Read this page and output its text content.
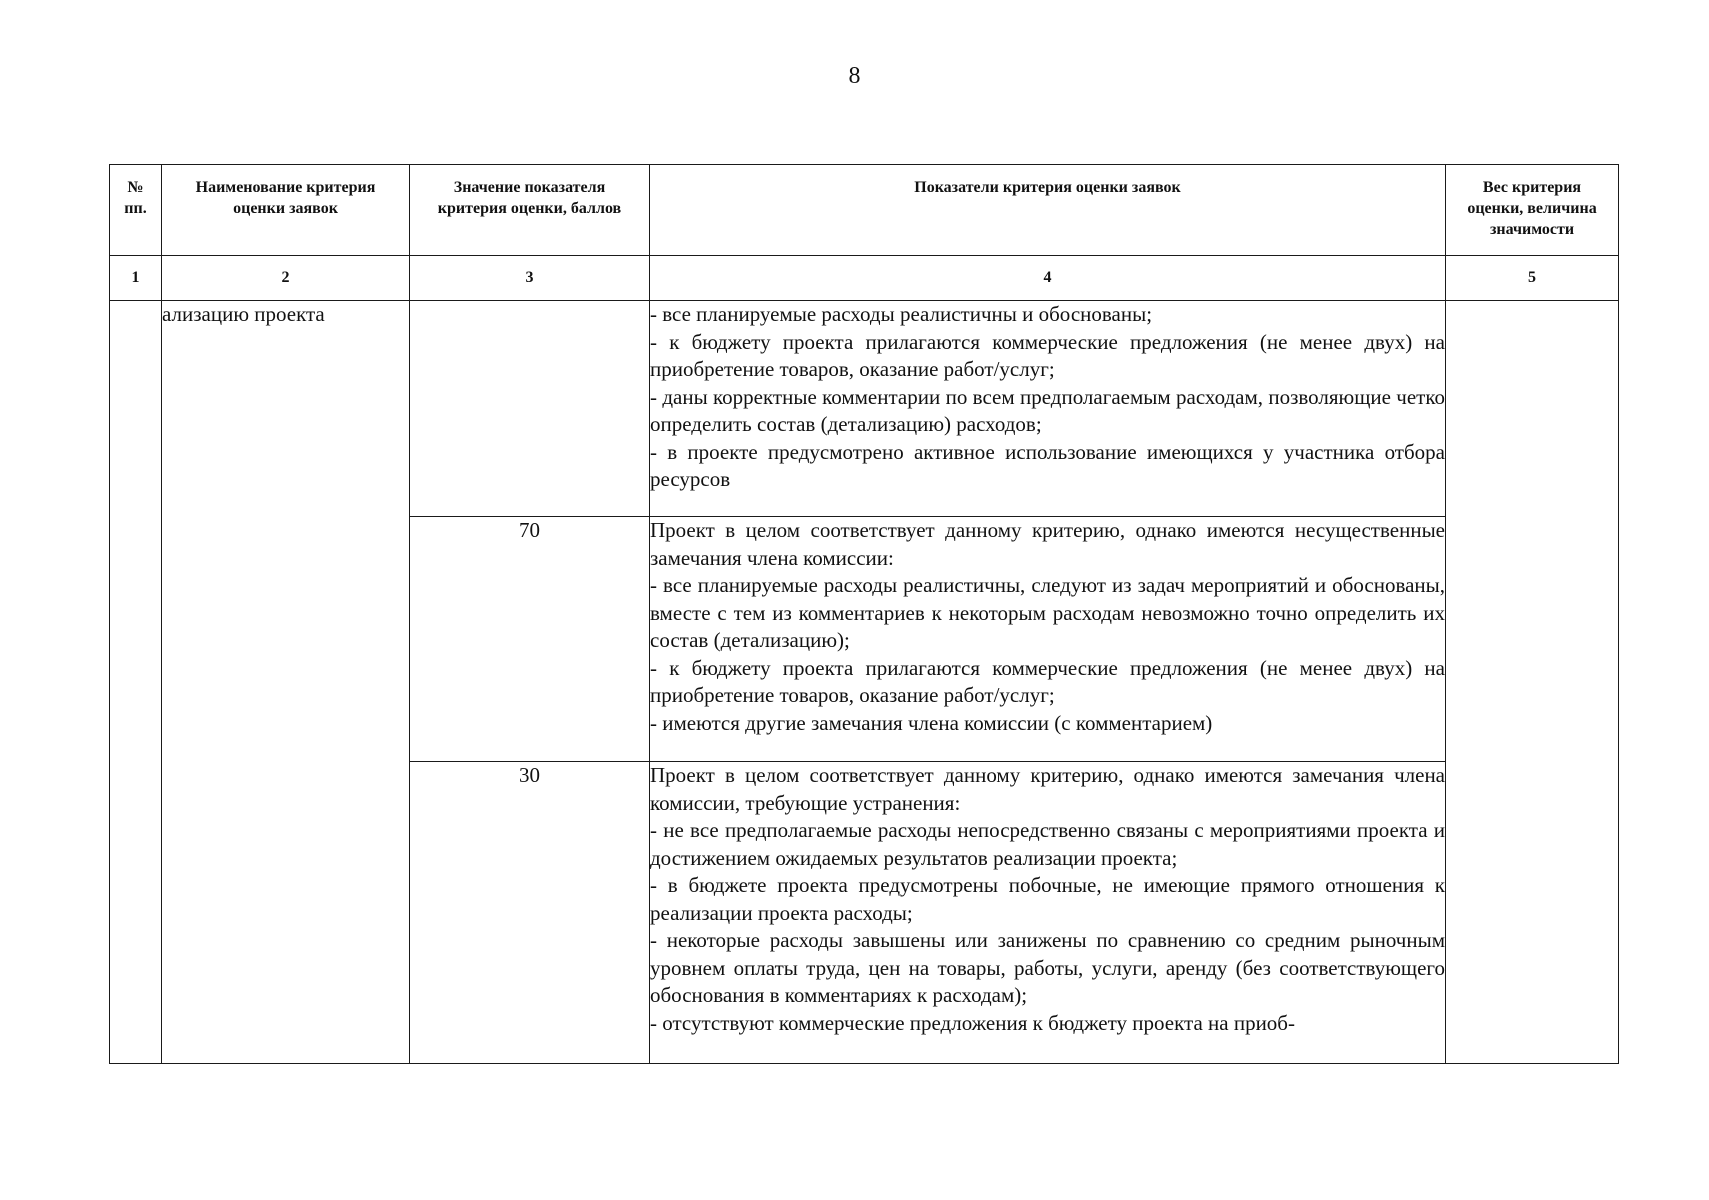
8
№ пп.	Наименование критерия оценки заявок	Значение показателя критерия оценки, баллов	Показатели критерия оценки заявок	Вес критерия оценки, величина значимости
1	2	3	4	5
	ализацию проекта		- все планируемые расходы реалистичны и обоснованы;
- к бюджету проекта прилагаются коммерческие предложения (не менее двух) на приобретение товаров, оказание работ/услуг;
- даны корректные комментарии по всем предполагаемым расходам, позволяющие четко определить состав (детализацию) расходов;
- в проекте предусмотрено активное использование имеющихся у участника отбора ресурсов	

		70	Проект в целом соответствует данному критерию, однако имеются несущественные замечания члена комиссии:
- все планируемые расходы реалистичны, следуют из задач мероприятий и обоснованы, вместе с тем из комментариев к некоторым расходам невозможно точно определить их состав (детализацию);
- к бюджету проекта прилагаются коммерческие предложения (не менее двух) на приобретение товаров, оказание работ/услуг;
- имеются другие замечания члена комиссии (с комментарием)	

		30	Проект в целом соответствует данному критерию, однако имеются замечания члена комиссии, требующие устранения:
- не все предполагаемые расходы непосредственно связаны с мероприятиями проекта и достижением ожидаемых результатов реализации проекта;
- в бюджете проекта предусмотрены побочные, не имеющие прямого отношения к реализации проекта расходы;
- некоторые расходы завышены или занижены по сравнению со средним рыночным уровнем оплаты труда, цен на товары, работы, услуги, аренду (без соответствующего обоснования в комментариях к расходам);
- отсутствуют коммерческие предложения к бюджету проекта на приоб-	
